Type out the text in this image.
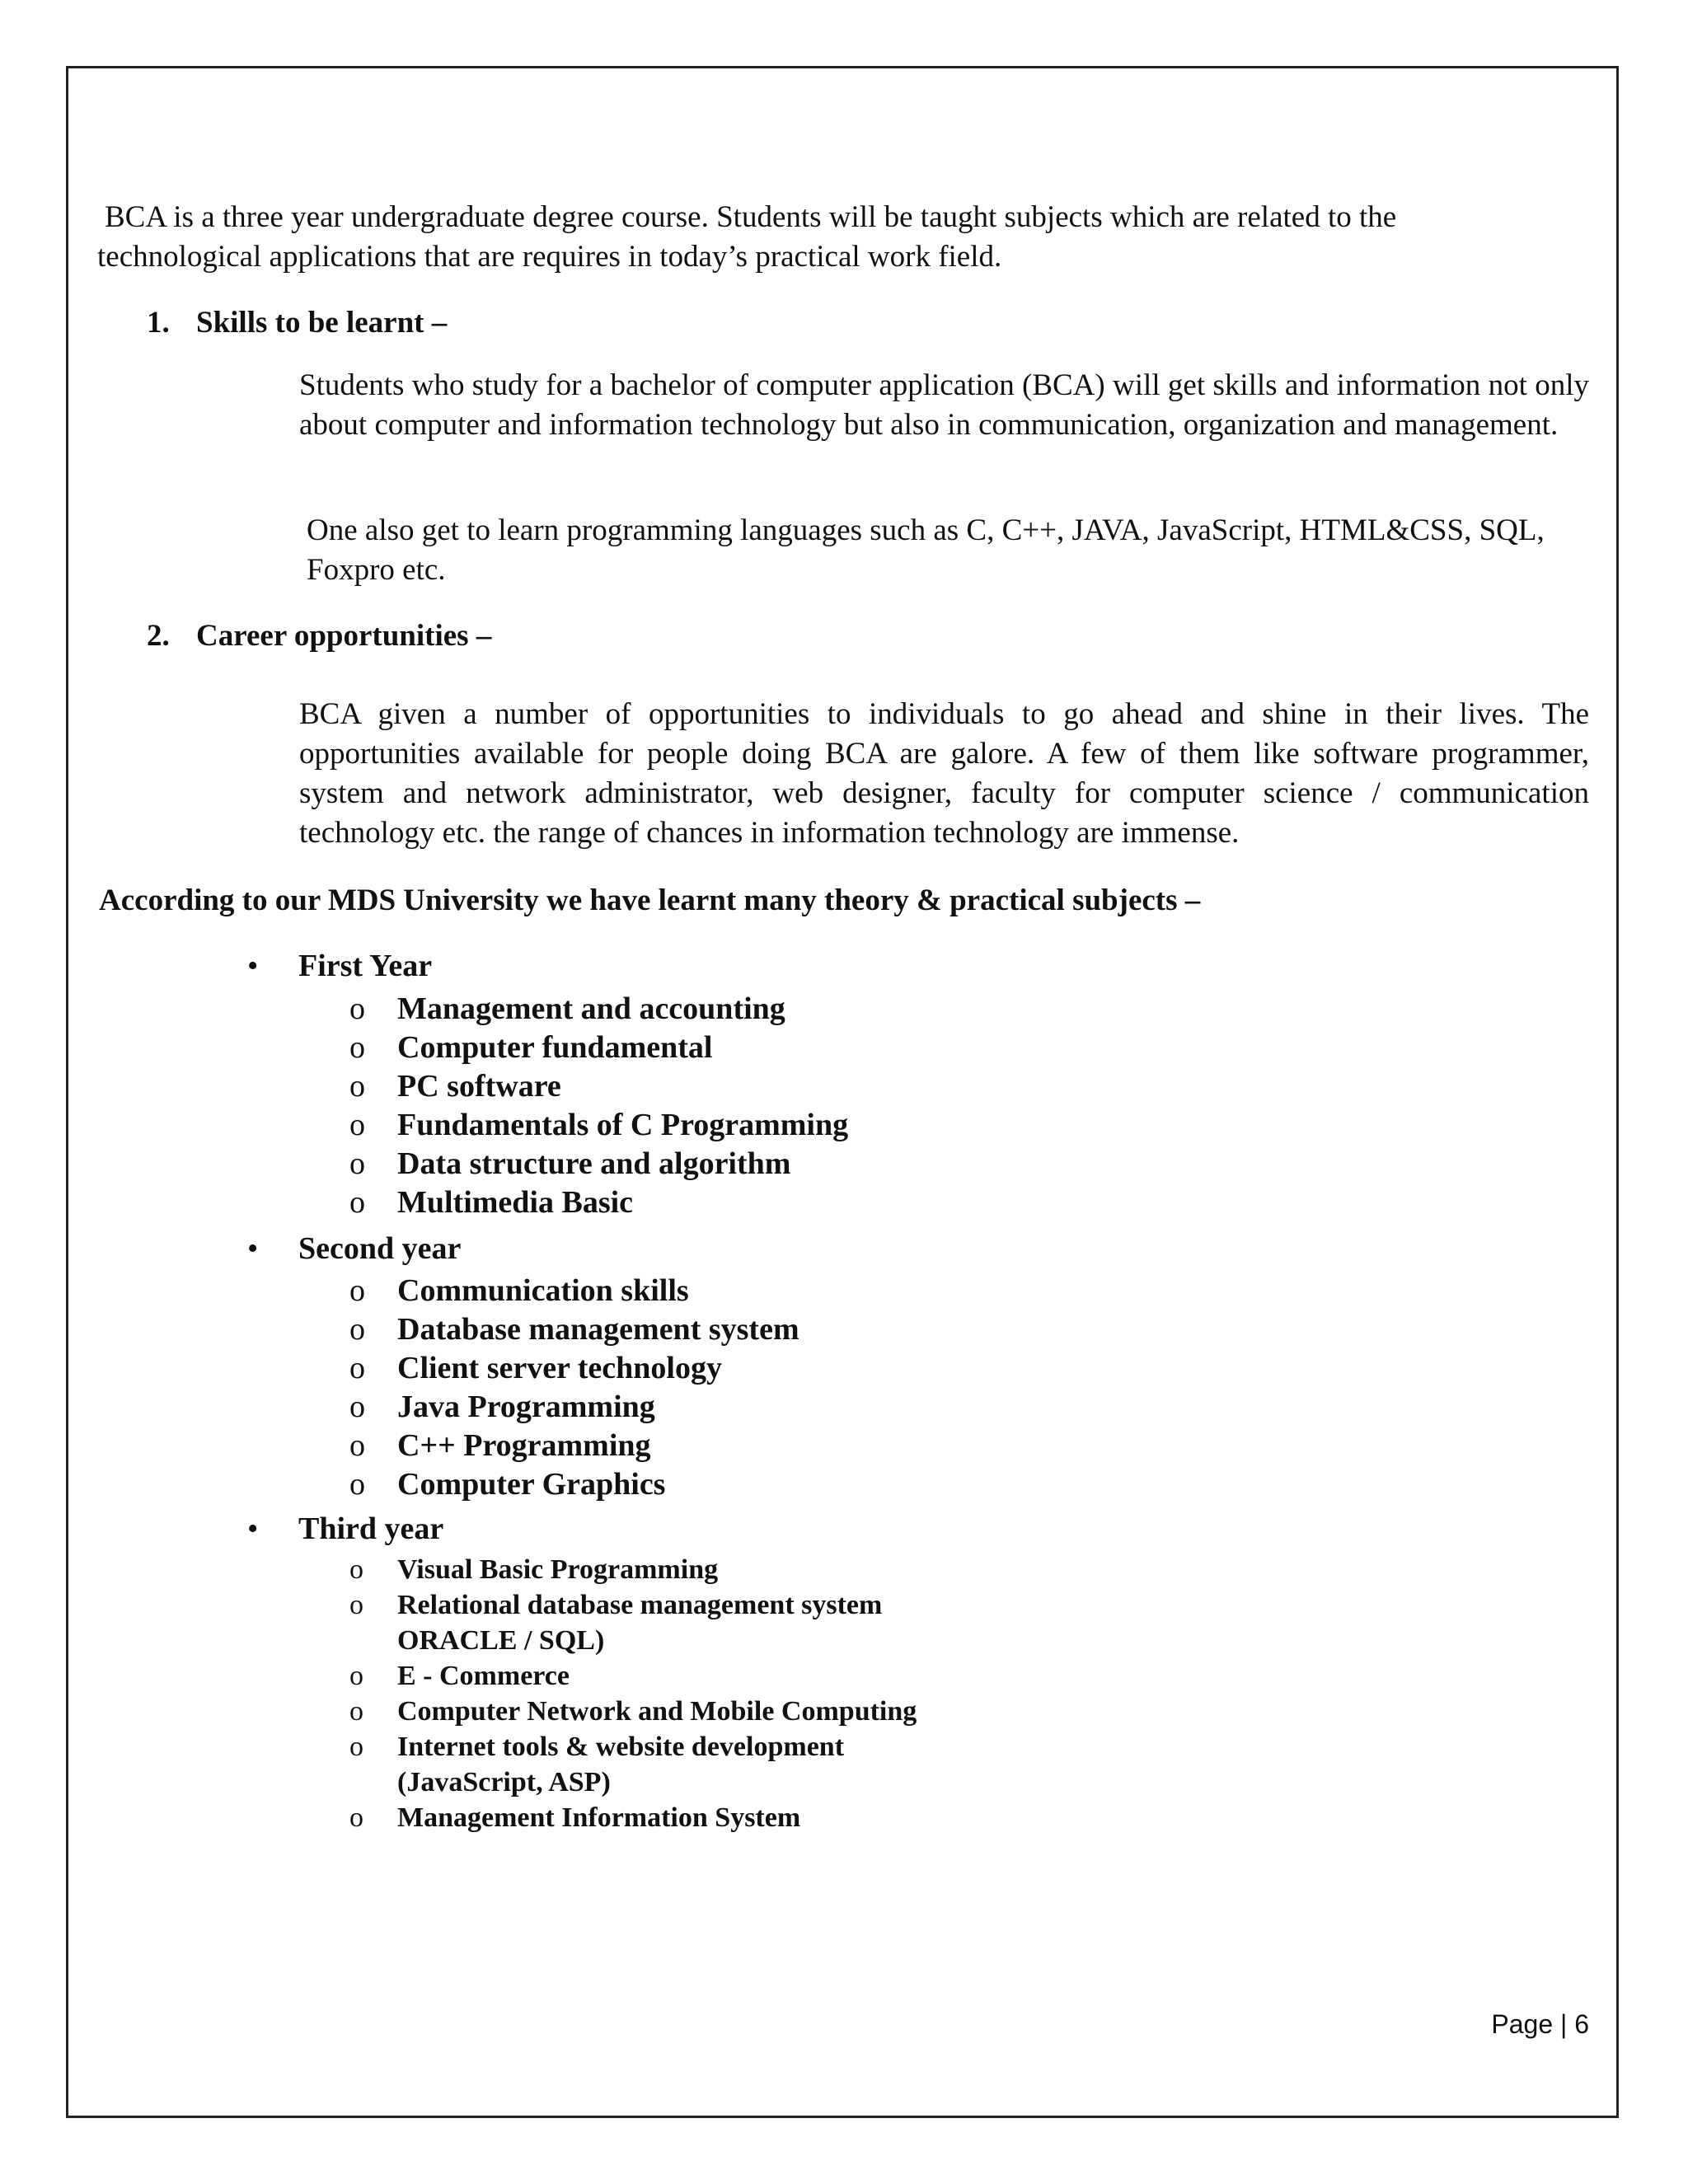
BCA is a three year undergraduate degree course. Students will be taught subjects which are related to the
technological applications that are requires in today’s practical work field.
1. Skills to be learnt –

Students who study for a bachelor of computer application (BCA) will get skills and information not only about computer and information technology but also in communication, organization and management.

One also get to learn programming languages such as C, C++, JAVA, JavaScript, HTML&CSS, SQL, Foxpro etc.

2. Career opportunities –

BCA given a number of opportunities to individuals to go ahead and shine in their lives. The opportunities available for people doing BCA are galore. A few of them like software programmer, system and network administrator, web designer, faculty for computer science / communication technology etc. the range of chances in information technology are immense.

According to our MDS University we have learnt many theory & practical subjects –
• First Year
o Management and accounting
o Computer fundamental
o PC software
o Fundamentals of C Programming
o Data structure and algorithm
o Multimedia Basic
• Second year
o Communication skills
o Database management system
o Client server technology
o Java Programming
o C++ Programming
o Computer Graphics
• Third year
o Visual Basic Programming
o Relational database management system
ORACLE / SQL)
o E - Commerce
o Computer Network and Mobile Computing
o Internet tools & website development
(JavaScript, ASP)
o Management Information System
Page | 6
